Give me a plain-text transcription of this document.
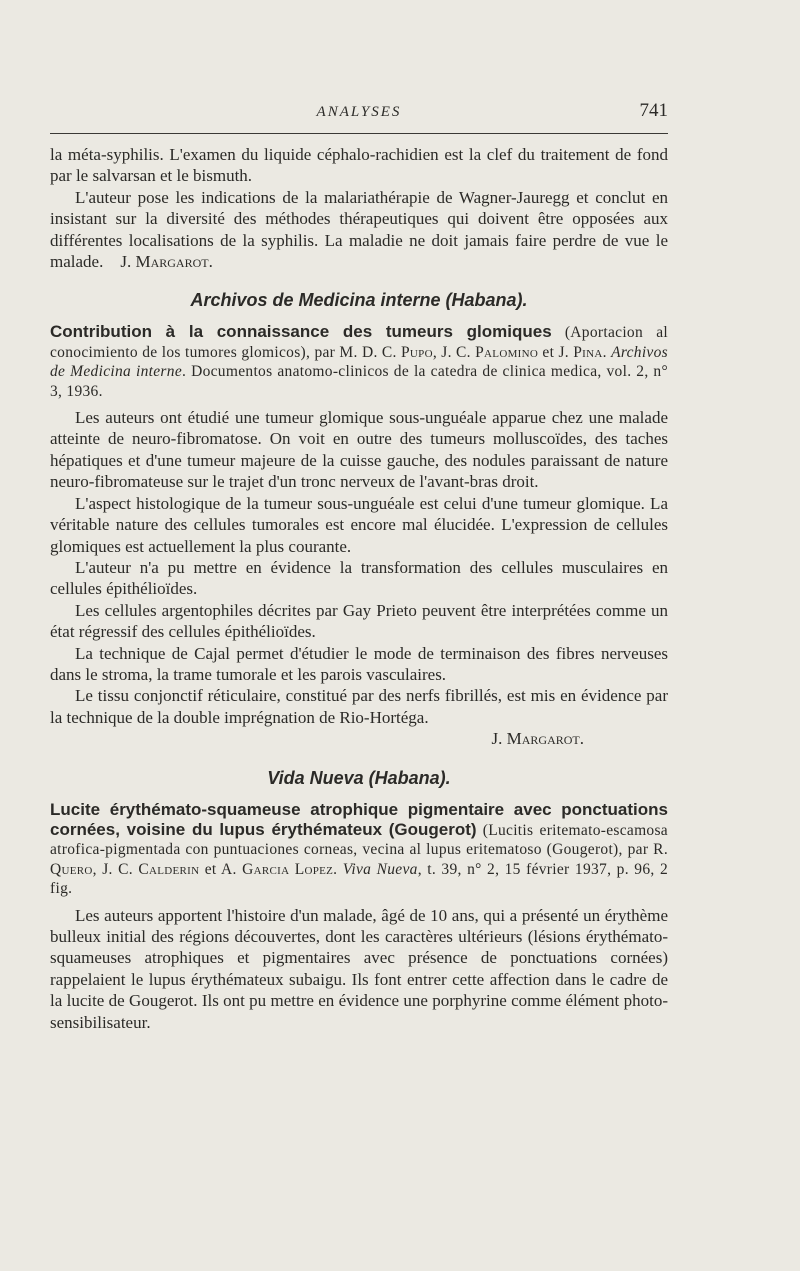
ANALYSES	741

la méta-syphilis. L'examen du liquide céphalo-rachidien est la clef du traitement de fond par le salvarsan et le bismuth.

L'auteur pose les indications de la malariathérapie de Wagner-Jauregg et conclut en insistant sur la diversité des méthodes thérapeutiques qui doivent être opposées aux différentes localisations de la syphilis. La maladie ne doit jamais faire perdre de vue le malade. J. Margarot.

Archivos de Medicina interne (Habana).

Contribution à la connaissance des tumeurs glomiques (Aportacion al conocimiento de los tumores glomicos), par M. D. C. Pupo, J. C. Palomino et J. Pina. Archivos de Medicina interne. Documentos anatomo-clinicos de la catedra de clinica medica, vol. 2, n° 3, 1936.

Les auteurs ont étudié une tumeur glomique sous-unguéale apparue chez une malade atteinte de neuro-fibromatose. On voit en outre des tumeurs molluscoïdes, des taches hépatiques et d'une tumeur majeure de la cuisse gauche, des nodules paraissant de nature neuro-fibromateuse sur le trajet d'un tronc nerveux de l'avant-bras droit.

L'aspect histologique de la tumeur sous-unguéale est celui d'une tumeur glomique. La véritable nature des cellules tumorales est encore mal élucidée. L'expression de cellules glomiques est actuellement la plus courante.

L'auteur n'a pu mettre en évidence la transformation des cellules musculaires en cellules épithélioïdes.

Les cellules argentophiles décrites par Gay Prieto peuvent être interprétées comme un état régressif des cellules épithélioïdes.

La technique de Cajal permet d'étudier le mode de terminaison des fibres nerveuses dans le stroma, la trame tumorale et les parois vasculaires.

Le tissu conjonctif réticulaire, constitué par des nerfs fibrillés, est mis en évidence par la technique de la double imprégnation de Rio-Hortéga.

J. Margarot.

Vida Nueva (Habana).

Lucite érythémato-squameuse atrophique pigmentaire avec ponctuations cornées, voisine du lupus érythémateux (Gougerot) (Lucitis eritemato-escamosa atrofica-pigmentada con puntuaciones corneas, vecina al lupus eritematoso (Gougerot), par R. Quero, J. C. Calderin et A. Garcia Lopez. Viva Nueva, t. 39, n° 2, 15 février 1937, p. 96, 2 fig.

Les auteurs apportent l'histoire d'un malade, âgé de 10 ans, qui a présenté un érythème bulleux initial des régions découvertes, dont les caractères ultérieurs (lésions érythémato-squameuses atrophiques et pigmentaires avec présence de ponctuations cornées) rappelaient le lupus érythémateux subaigu. Ils font entrer cette affection dans le cadre de la lucite de Gougerot. Ils ont pu mettre en évidence une porphyrine comme élément photo-sensibilisateur.
